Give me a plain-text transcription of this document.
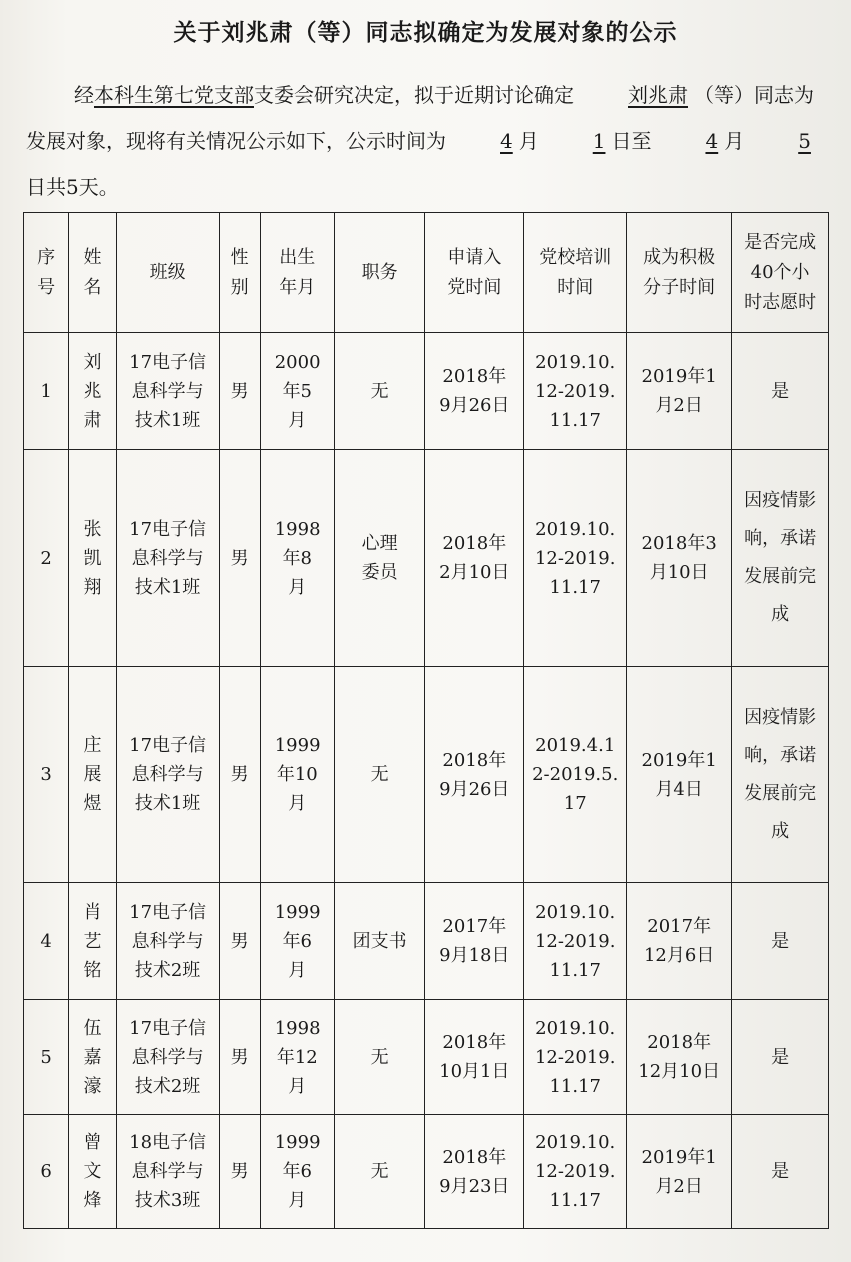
关于刘兆肃（等）同志拟确定为发展对象的公示

经本科生第七党支部支委会研究决定，拟于近期讨论确定	刘兆肃 （等）同志为发展对象，现将有关情况公示如下，公示时间为	4 月	1 日至	4 月	5日共5天。

序号	姓名	班级	性别	出生年月	职务	申请入党时间	党校培训时间	成为积极分子时间	是否完成40个小时志愿时
1	刘兆肃	17电子信息科学与技术1班	男	2000年5月	无	2018年9月26日	2019.10.12-2019.11.17	2019年1月2日	是
2	张凯翔	17电子信息科学与技术1班	男	1998年8月	心理委员	2018年2月10日	2019.10.12-2019.11.17	2018年3月10日	因疫情影响，承诺发展前完成
3	庄展煜	17电子信息科学与技术1班	男	1999年10月	无	2018年9月26日	2019.4.12-2019.5.17	2019年1月4日	因疫情影响，承诺发展前完成
4	肖艺铭	17电子信息科学与技术2班	男	1999年6月	团支书	2017年9月18日	2019.10.12-2019.11.17	2017年12月6日	是
5	伍嘉濠	17电子信息科学与技术2班	男	1998年12月	无	2018年10月1日	2019.10.12-2019.11.17	2018年12月10日	是
6	曾文烽	18电子信息科学与技术3班	男	1999年6月	无	2018年9月23日	2019.10.12-2019.11.17	2019年1月2日	是
